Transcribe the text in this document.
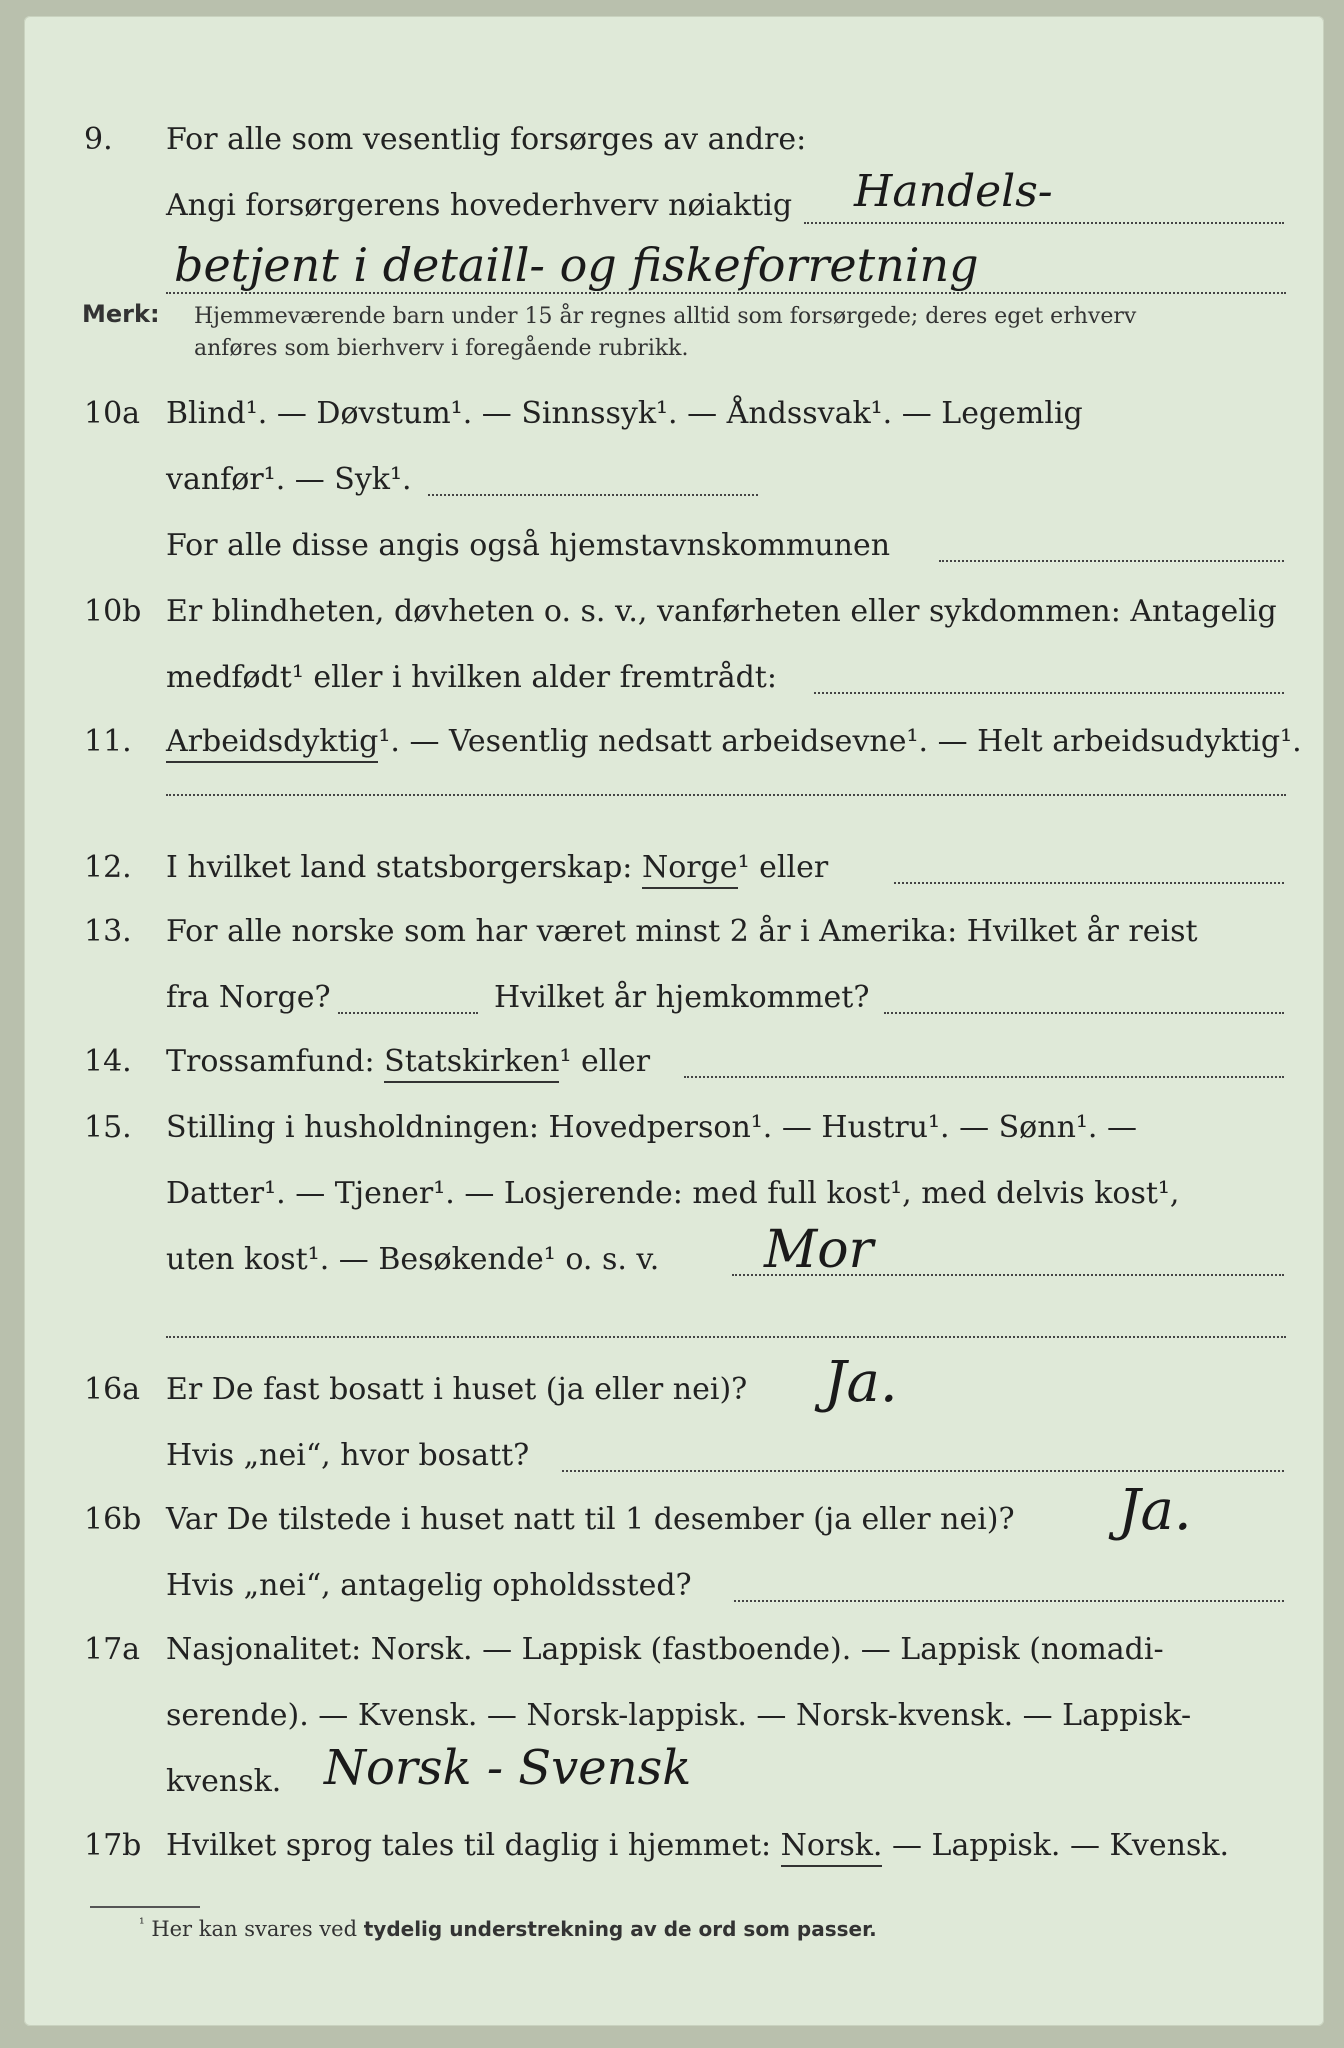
9. For alle som vesentlig forsørges av andre:
Angi forsørgerens hovederhverv nøiaktig Handels-
betjent i detaill- og fiskeforretning
Merk: Hjemmeværende barn under 15 år regnes alltid som forsørgede; deres eget erhverv
anføres som bierhverv i foregående rubrikk.
10a Blind¹. — Døvstum¹. — Sinnssyk¹. — Åndssvak¹. — Legemlig
vanfør¹. — Syk¹.
For alle disse angis også hjemstavnskommunen
10b Er blindheten, døvheten o. s. v., vanførheten eller sykdommen: Antagelig
medfødt¹ eller i hvilken alder fremtrådt:
11. Arbeidsdyktig¹. — Vesentlig nedsatt arbeidsevne¹. — Helt arbeidsudyktig¹.
12. I hvilket land statsborgerskap: Norge¹ eller
13. For alle norske som har været minst 2 år i Amerika: Hvilket år reist
fra Norge?	Hvilket år hjemkommet?
14. Trossamfund: Statskirken¹ eller
15. Stilling i husholdningen: Hovedperson¹. — Hustru¹. — Sønn¹. —
Datter¹. — Tjener¹. — Losjerende: med full kost¹, med delvis kost¹,
uten kost¹. — Besøkende¹ o. s. v. Mor
16a Er De fast bosatt i huset (ja eller nei)? Ja.
Hvis „nei“, hvor bosatt?
16b Var De tilstede i huset natt til 1 desember (ja eller nei)? Ja.
Hvis „nei“, antagelig opholdssted?
17a Nasjonalitet: Norsk. — Lappisk (fastboende). — Lappisk (nomadi-
serende). — Kvensk. — Norsk-lappisk. — Norsk-kvensk. — Lappisk-
kvensk. Norsk - Svensk
17b Hvilket sprog tales til daglig i hjemmet: Norsk. — Lappisk. — Kvensk.
$^{^1}$ Her kan svares ved tydelig understrekning av de ord som passer.
